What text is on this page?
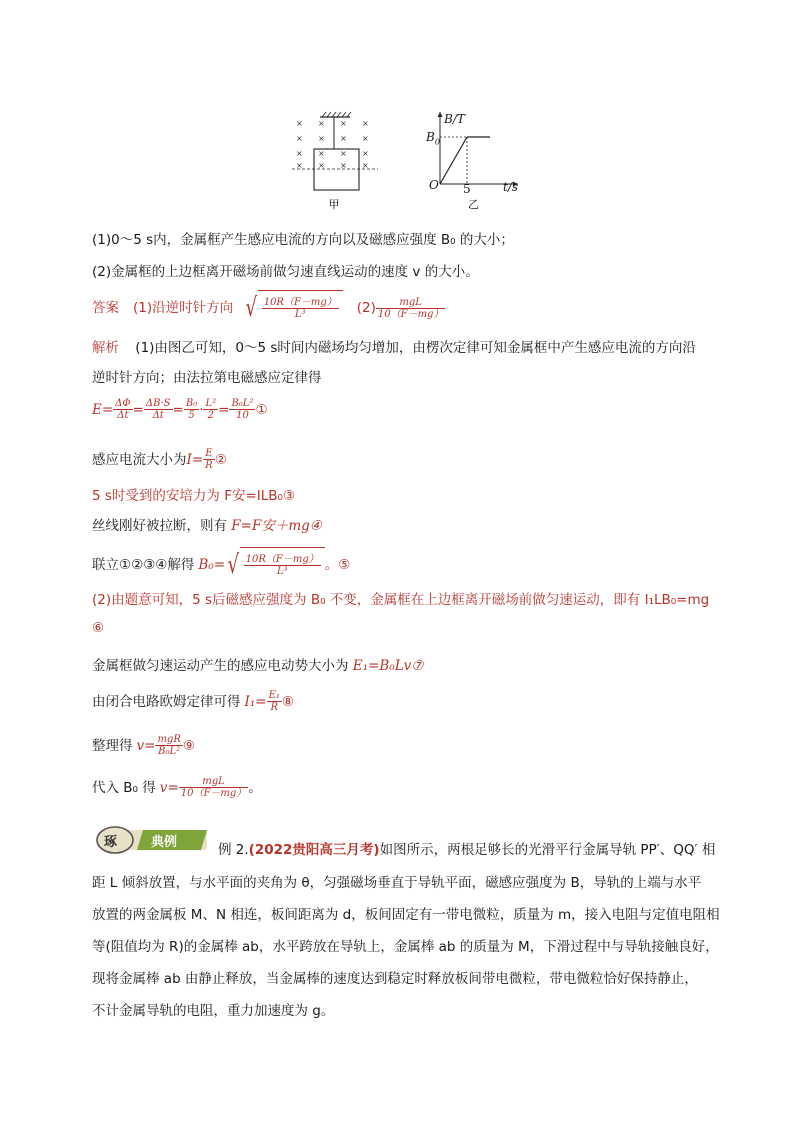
甲
× × × ×
× × × ×
× × × ×
× × × ×
B/T
$B_0$
O 5	t/s
乙
(1)0～5 s内，金属框产生感应电流的方向以及磁感应强度 B₀ 的大小；
(2)金属框的上边框离开磁场前做匀速直线运动的速度 v 的大小。
答案 (1)沿逆时针方向 √ $\frac{10R(F-mg)}{\text{L³}} (2) \frac{\text{mgL}}{10(F-mg)}$
解析 (1)由图乙可知，0～5 s时间内磁场均匀增加，由楞次定律可知金属框中产生感应电流的方向沿
逆时针方向；由法拉第电磁感应定律得
$E= \frac{\Delta\Phi}{\Delta t} = \frac{\Delta B\cdot S}{\Delta t} = \frac{\text{B₀}}{5} \cdot \frac{\text{L²}}{2} = \frac{\text{B₀L²}}{10}$ ①
感应电流大小为 $I= \frac{E}{R}$ ②
5 s时受到的安培力为 F安=ILB₀③
丝线刚好被拉断，则有 F=F安＋mg④
联立①②③④解得 B₀= √ $\frac{10R(F-mg)}{\text{L³}}$ 。⑤
(2)由题意可知，5 s后磁感应强度为 B₀ 不变，金属框在上边框离开磁场前做匀速运动，即有 I₁LB₀=mg
⑥
金属框做匀速运动产生的感应电动势大小为 E₁=B₀Lv⑦
由闭合电路欧姆定律可得 $I_1= \frac{\text{E₁}}{R}$ ⑧
整理得 $v= \frac{\text{mgR}}{\text{B₀L²}}$ ⑨
代入 B₀ 得 $v= \frac{\text{mgL}}{10(F-mg)}$ 。
琢	典例	例 2.(2022贵阳高三月考)如图所示，两根足够长的光滑平行金属导轨 PP′、QQ′ 相
距 L 倾斜放置，与水平面的夹角为 θ，匀强磁场垂直于导轨平面，磁感应强度为 B，导轨的上端与水平
放置的两金属板 M、N 相连，板间距离为 d，板间固定有一带电微粒，质量为 m，接入电阻与定值电阻相
等(阻值均为 R)的金属棒 ab，水平跨放在导轨上，金属棒 ab 的质量为 M，下滑过程中与导轨接触良好，
现将金属棒 ab 由静止释放，当金属棒的速度达到稳定时释放板间带电微粒，带电微粒恰好保持静止，
不计金属导轨的电阻，重力加速度为 g。
